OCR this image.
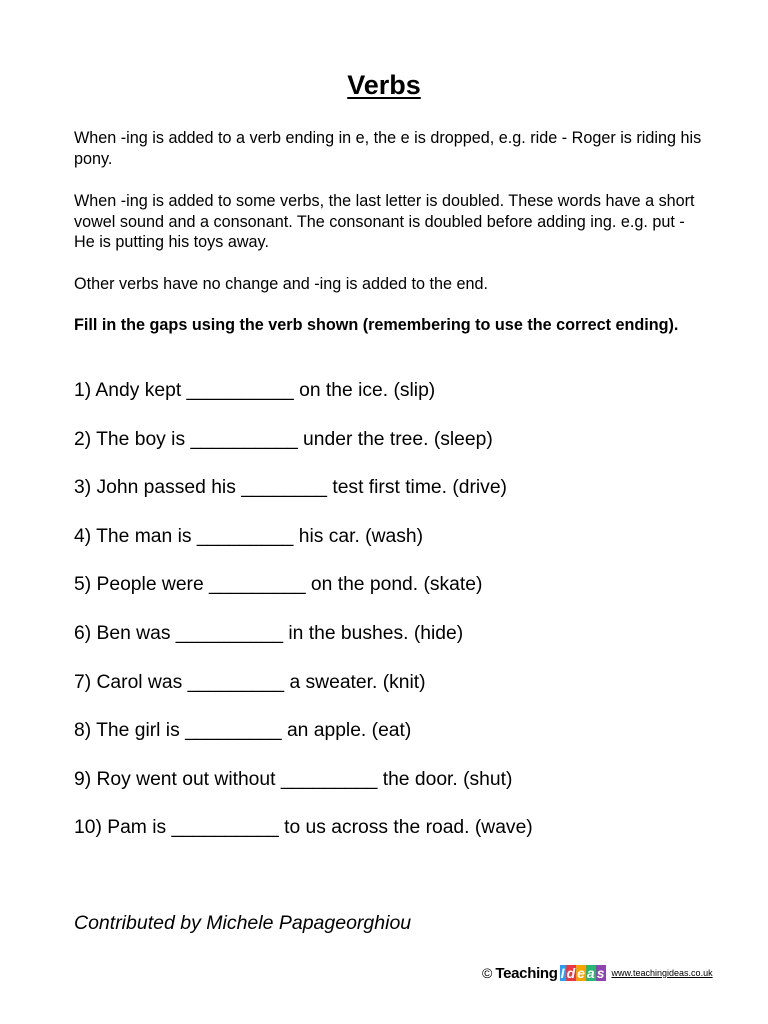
Verbs

When -ing is added to a verb ending in e, the e is dropped, e.g. ride - Roger is riding his pony.

When -ing is added to some verbs, the last letter is doubled. These words have a short vowel sound and a consonant. The consonant is doubled before adding ing. e.g. put - He is putting his toys away.

Other verbs have no change and -ing is added to the end.

Fill in the gaps using the verb shown (remembering to use the correct ending).

1) Andy kept __________ on the ice. (slip)
2) The boy is __________ under the tree. (sleep)
3) John passed his ________ test first time. (drive)
4) The man is _________ his car. (wash)
5) People were _________ on the pond. (skate)
6) Ben was __________ in the bushes. (hide)
7) Carol was _________ a sweater. (knit)
8) The girl is _________ an apple. (eat)
9) Roy went out without _________ the door. (shut)
10) Pam is __________ to us across the road. (wave)

Contributed by Michele Papageorghiou

© Teaching I d e a s www.teachingideas.co.uk
